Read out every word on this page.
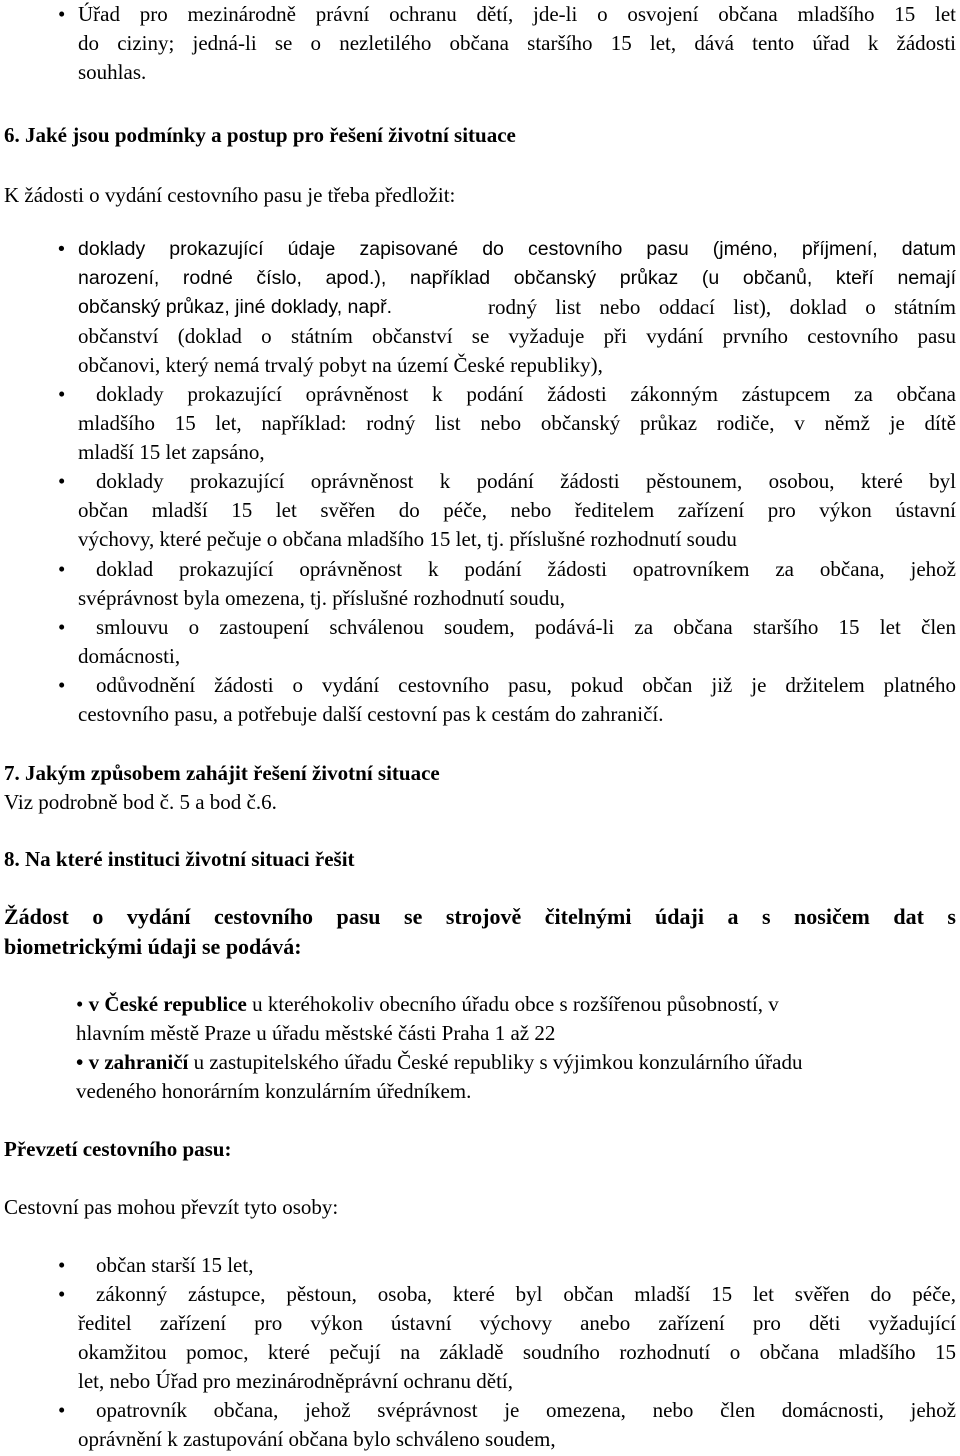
• Úřad pro mezinárodně právní ochranu dětí, jde-li o osvojení občana mladšího 15 let
do ciziny; jedná-li se o nezletilého občana staršího 15 let, dává tento úřad k žádosti
souhlas.
6. Jaké jsou podmínky a postup pro řešení životní situace
K žádosti o vydání cestovního pasu je třeba předložit:
• doklady prokazující údaje zapisované do cestovního pasu (jméno, příjmení, datum
narození, rodné číslo, apod.), například občanský průkaz (u občanů, kteří nemají
občanský průkaz, jiné doklady, např.	rodný list nebo oddací list), doklad o státním
občanství (doklad o státním občanství se vyžaduje při vydání prvního cestovního pasu
občanovi, který nemá trvalý pobyt na území České republiky),
•	doklady prokazující oprávněnost k podání žádosti zákonným zástupcem za občana
mladšího 15 let, například: rodný list nebo občanský průkaz rodiče, v němž je dítě
mladší 15 let zapsáno,
•	doklady prokazující oprávněnost k podání žádosti pěstounem, osobou, které byl
občan mladší 15 let svěřen do péče, nebo ředitelem zařízení pro výkon ústavní
výchovy, které pečuje o občana mladšího 15 let, tj. příslušné rozhodnutí soudu
•	doklad prokazující oprávněnost k podání žádosti opatrovníkem za občana, jehož
svéprávnost byla omezena, tj. příslušné rozhodnutí soudu,
•	smlouvu o zastoupení schválenou soudem, podává-li za občana staršího 15 let člen
domácnosti,
•	odůvodnění žádosti o vydání cestovního pasu, pokud občan již je držitelem platného
cestovního pasu, a potřebuje další cestovní pas k cestám do zahraničí.
7. Jakým způsobem zahájit řešení životní situace
Viz podrobně bod č. 5 a bod č.6.
8. Na které instituci životní situaci řešit
Žádost o vydání cestovního pasu se strojově čitelnými údaji a s nosičem dat s
biometrickými údaji se podává:
• v České republice u kteréhokoliv obecního úřadu obce s rozšířenou působností, v
hlavním městě Praze u úřadu městské části Praha 1 až 22
• v zahraničí u zastupitelského úřadu České republiky s výjimkou konzulárního úřadu
vedeného honorárním konzulárním úředníkem.
Převzetí cestovního pasu:
Cestovní pas mohou převzít tyto osoby:
•	občan starší 15 let,
•	zákonný zástupce, pěstoun, osoba, které byl občan mladší 15 let svěřen do péče,
ředitel zařízení pro výkon ústavní výchovy anebo zařízení pro děti vyžadující
okamžitou pomoc, které pečují na základě soudního rozhodnutí o občana mladšího 15
let, nebo Úřad pro mezinárodněprávní ochranu dětí,
•	opatrovník občana, jehož svéprávnost je omezena, nebo člen domácnosti, jehož
oprávnění k zastupování občana bylo schváleno soudem,
